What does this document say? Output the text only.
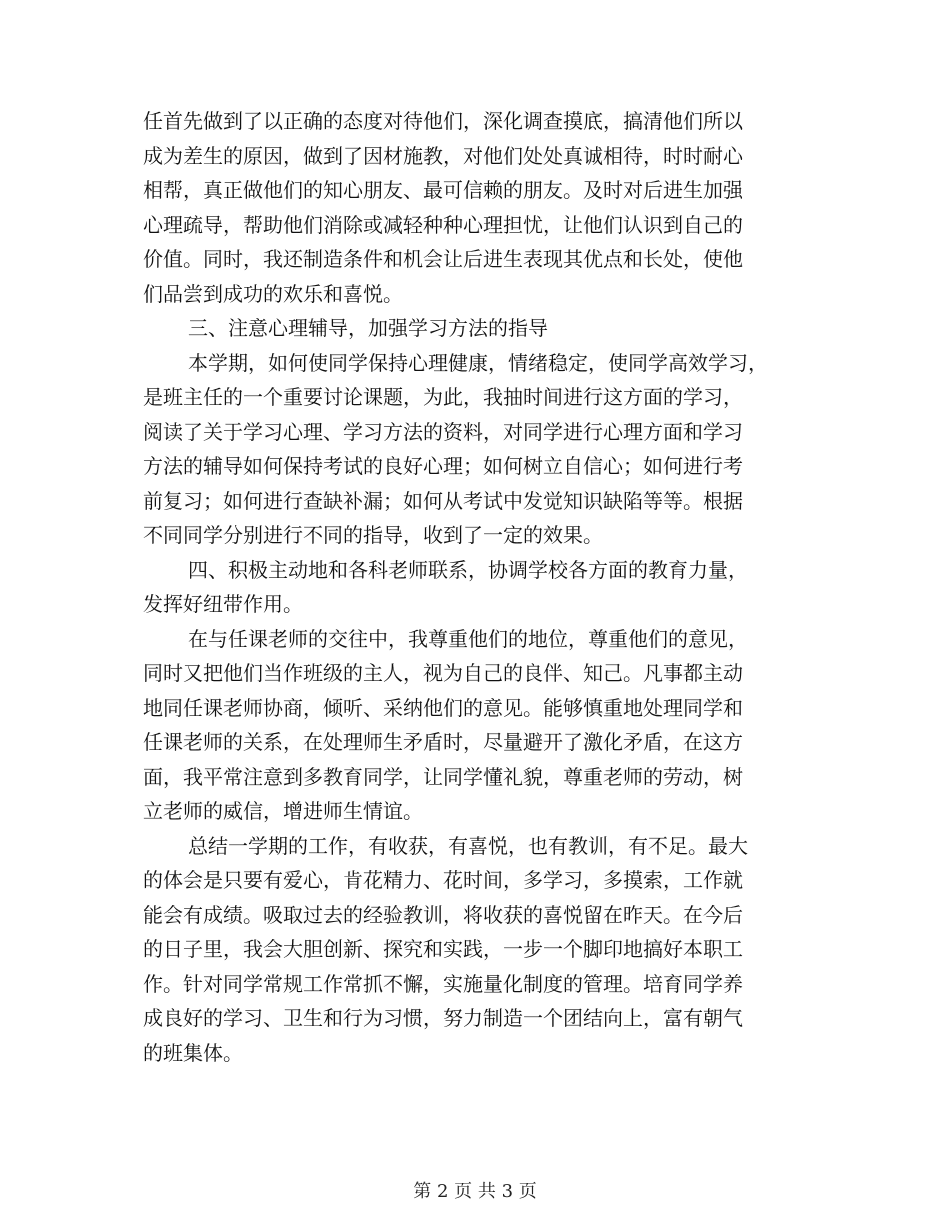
任首先做到了以正确的态度对待他们，深化调查摸底，搞清他们所以
成为差生的原因，做到了因材施教，对他们处处真诚相待，时时耐心
相帮，真正做他们的知心朋友、最可信赖的朋友。及时对后进生加强
心理疏导，帮助他们消除或减轻种种心理担忧，让他们认识到自己的
价值。同时，我还制造条件和机会让后进生表现其优点和长处，使他
们品尝到成功的欢乐和喜悦。
三、注意心理辅导，加强学习方法的指导
本学期，如何使同学保持心理健康，情绪稳定，使同学高效学习，
是班主任的一个重要讨论课题，为此，我抽时间进行这方面的学习，
阅读了关于学习心理、学习方法的资料，对同学进行心理方面和学习
方法的辅导如何保持考试的良好心理；如何树立自信心；如何进行考
前复习；如何进行查缺补漏；如何从考试中发觉知识缺陷等等。根据
不同同学分别进行不同的指导，收到了一定的效果。
四、积极主动地和各科老师联系，协调学校各方面的教育力量，
发挥好纽带作用。
在与任课老师的交往中，我尊重他们的地位，尊重他们的意见，
同时又把他们当作班级的主人，视为自己的良伴、知己。凡事都主动
地同任课老师协商，倾听、采纳他们的意见。能够慎重地处理同学和
任课老师的关系，在处理师生矛盾时，尽量避开了激化矛盾，在这方
面，我平常注意到多教育同学，让同学懂礼貌，尊重老师的劳动，树
立老师的威信，增进师生情谊。
总结一学期的工作，有收获，有喜悦，也有教训，有不足。最大
的体会是只要有爱心，肯花精力、花时间，多学习，多摸索，工作就
能会有成绩。吸取过去的经验教训，将收获的喜悦留在昨天。在今后
的日子里，我会大胆创新、探究和实践，一步一个脚印地搞好本职工
作。针对同学常规工作常抓不懈，实施量化制度的管理。培育同学养
成良好的学习、卫生和行为习惯，努力制造一个团结向上，富有朝气
的班集体。
第 2 页 共 3 页
